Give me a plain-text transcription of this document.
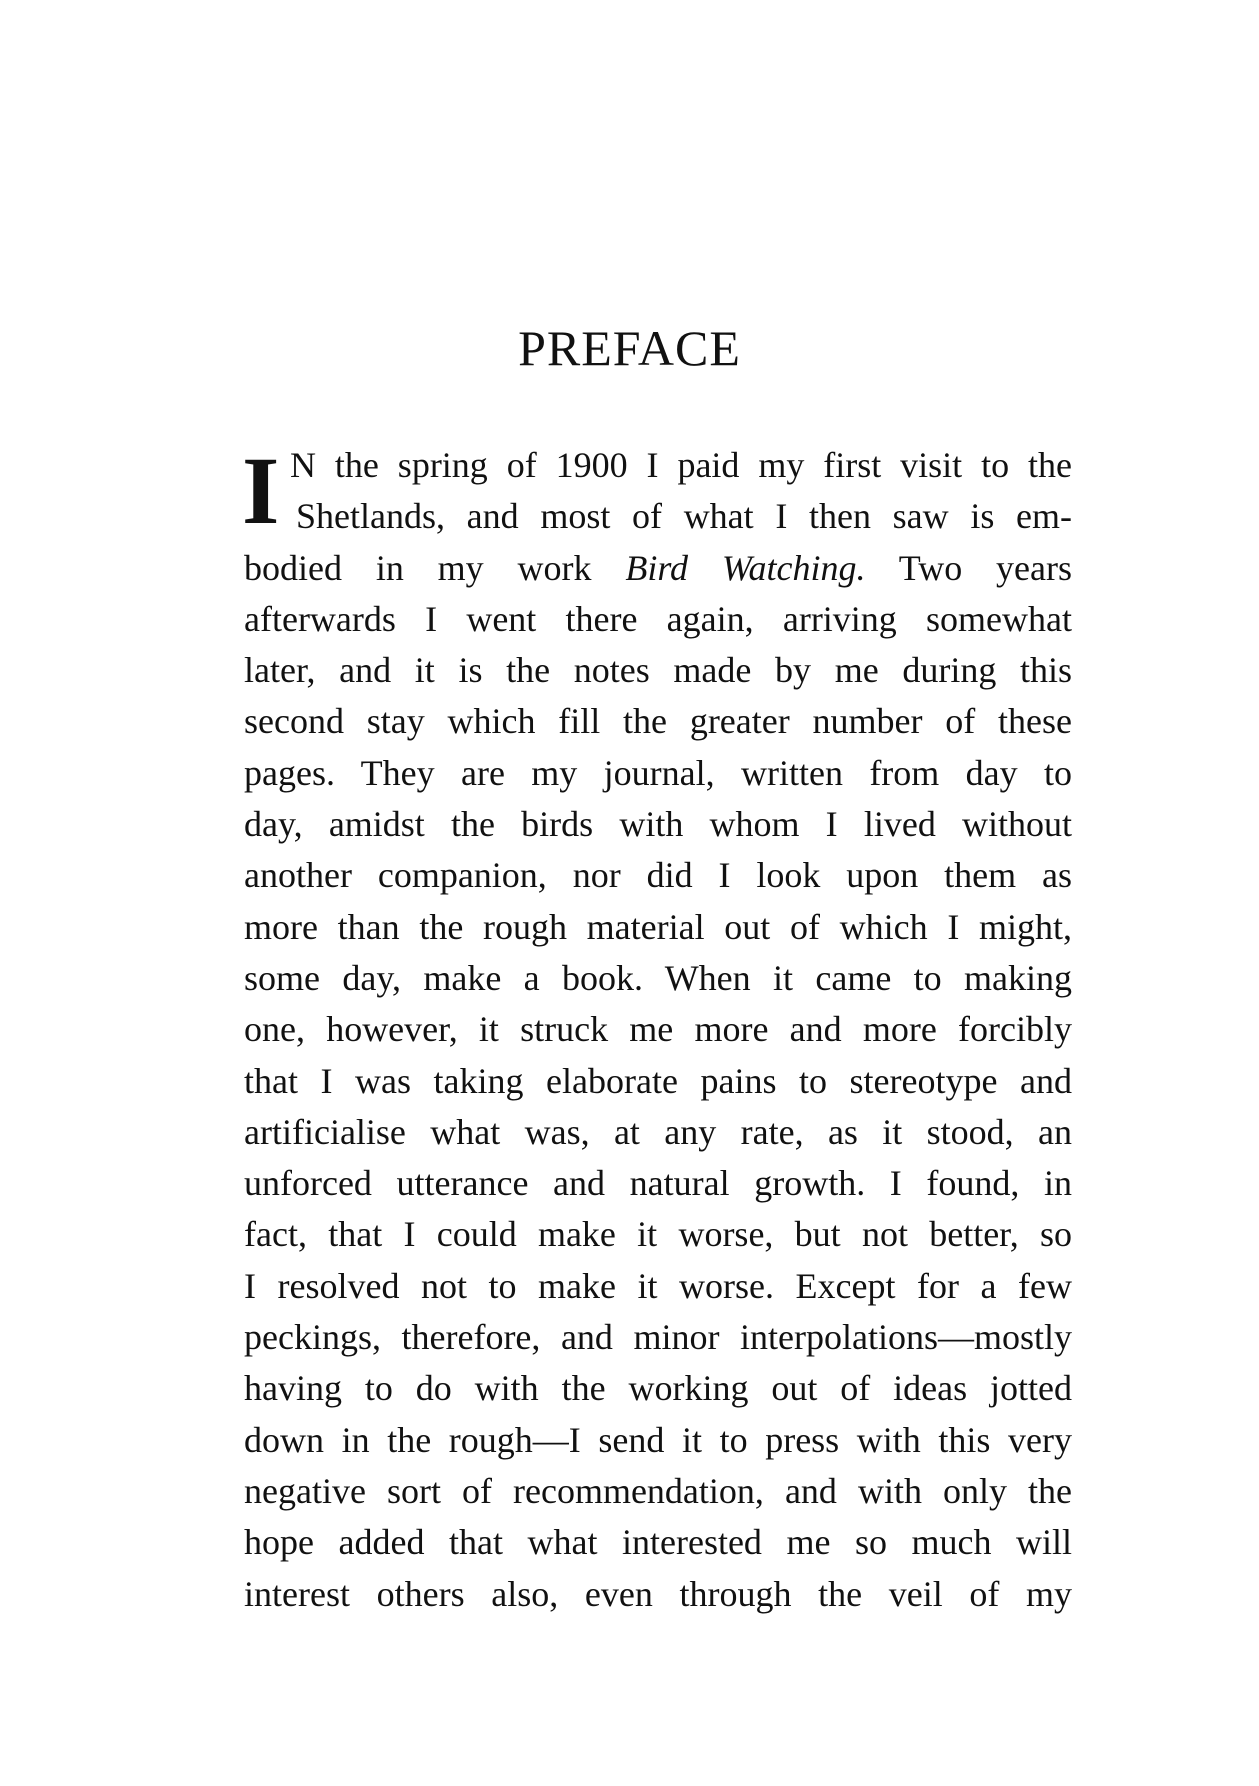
PREFACE
I N the spring of 1900 I paid my first visit to the
Shetlands, and most of what I then saw is em-
bodied in my work Bird Watching. Two years
afterwards I went there again, arriving somewhat
later, and it is the notes made by me during this
second stay which fill the greater number of these
pages. They are my journal, written from day to
day, amidst the birds with whom I lived without
another companion, nor did I look upon them as
more than the rough material out of which I might,
some day, make a book. When it came to making
one, however, it struck me more and more forcibly
that I was taking elaborate pains to stereotype and
artificialise what was, at any rate, as it stood, an
unforced utterance and natural growth. I found, in
fact, that I could make it worse, but not better, so
I resolved not to make it worse. Except for a few
peckings, therefore, and minor interpolations—mostly
having to do with the working out of ideas jotted
down in the rough—I send it to press with this very
negative sort of recommendation, and with only the
hope added that what interested me so much will
interest others also, even through the veil of my
